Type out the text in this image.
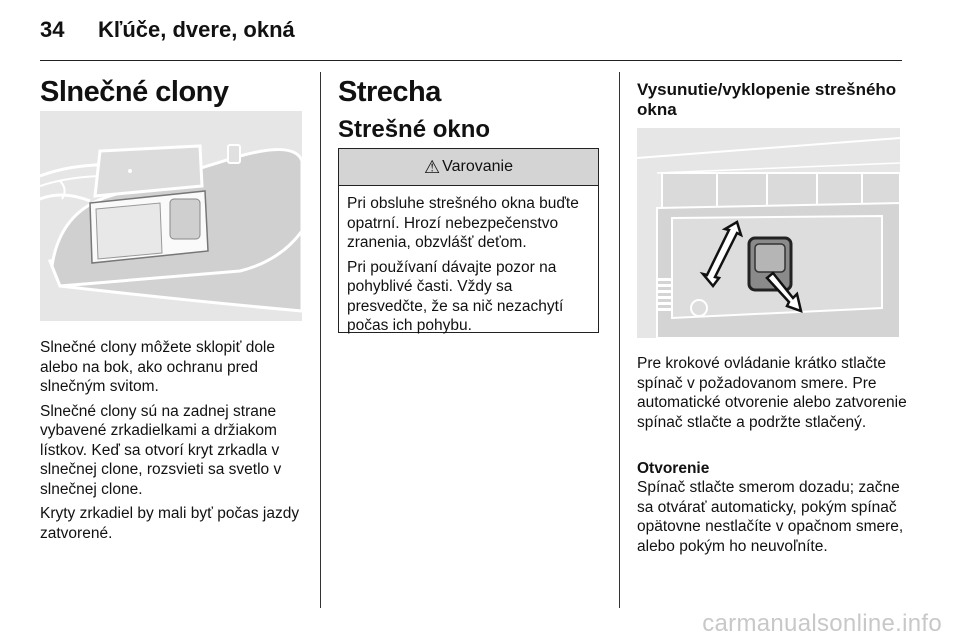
34 Kľúče, dvere, okná
Slnečné clony

Slnečné clony môžete sklopiť dole alebo na bok, ako ochranu pred slnečným svitom.

Slnečné clony sú na zadnej strane vybavené zrkadielkami a držiakom lístkov. Keď sa otvorí kryt zrkadla v slnečnej clone, rozsvieti sa svetlo v slnečnej clone.

Kryty zrkadiel by mali byť počas jazdy zatvorené.

Strecha
Strešné okno
⚠ Varovanie

Pri obsluhe strešného okna buďte opatrní. Hrozí nebezpečenstvo zranenia, obzvlášť deťom.

Pri používaní dávajte pozor na pohyblivé časti. Vždy sa presvedčte, že sa nič nezachytí počas ich pohybu.

Vysunutie/vyklopenie strešného okna
Pre krokové ovládanie krátko stlačte spínač v požadovanom smere. Pre automatické otvorenie alebo zatvorenie spínač stlačte a podržte stlačený.
Otvorenie
Spínač stlačte smerom dozadu; začne sa otvárať automaticky, pokým spínač opätovne nestlačíte v opačnom smere, alebo pokým ho neuvoľníte.
carmanualsonline.info
